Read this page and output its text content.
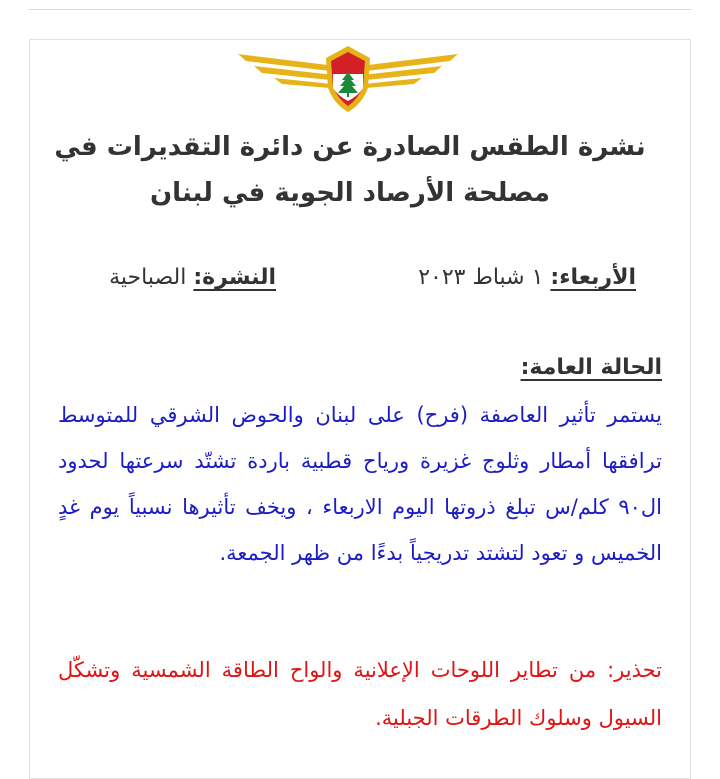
نشرة الطقس الصادرة عن دائرة التقديرات في مصلحة الأرصاد الجوية في لبنان
الأربعاء: ١ شباط ٢٠٢٣
النشرة: الصباحية
الحالة العامة:
يستمر تأثير العاصفة (فرح) على لبنان والحوض الشرقي للمتوسط ترافقها أمطار وثلوج غزيرة ورياح قطبية باردة تشتّد سرعتها لحدود ال٩٠ كلم/س تبلغ ذروتها اليوم الاربعاء ، ويخف تأثيرها نسبياً يوم غدٍ الخميس و تعود لتشتد تدريجياً بدءًا من ظهر الجمعة.
تحذير: من تطاير اللوحات الإعلانية والواح الطاقة الشمسية وتشكّل السيول وسلوك الطرقات الجبلية.
